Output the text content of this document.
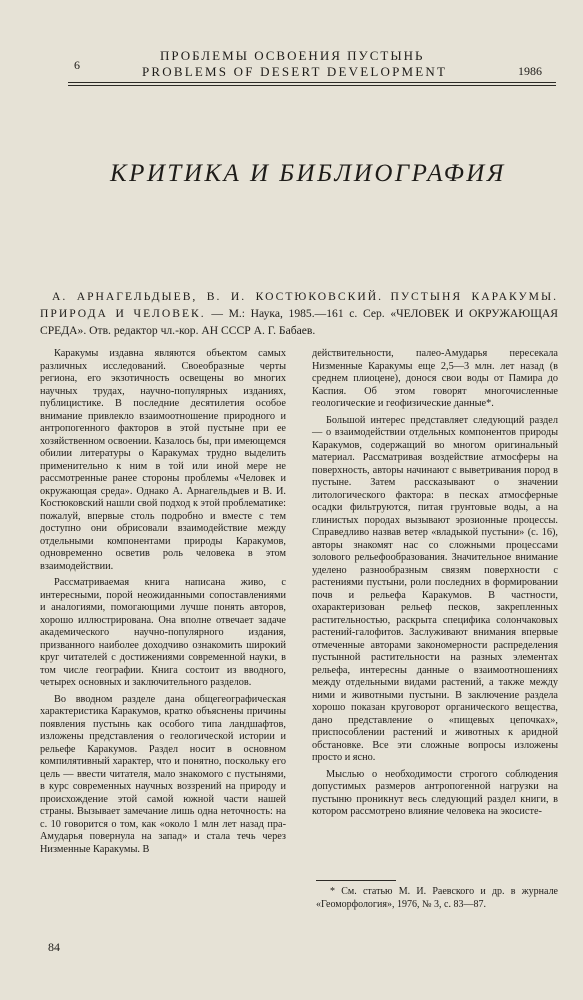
6
ПРОБЛЕМЫ ОСВОЕНИЯ ПУСТЫНЬ
PROBLEMS OF DESERT DEVELOPMENT	1986
КРИТИКА И БИБЛИОГРАФИЯ
А. АРНАГЕЛЬДЫЕВ, В. И. КОСТЮКОВСКИЙ. ПУСТЫНЯ КАРАКУМЫ. ПРИРОДА И ЧЕЛОВЕК. — М.: Наука, 1985.—161 с. Сер. «ЧЕЛОВЕК И ОКРУЖАЮЩАЯ СРЕДА». Отв. редактор чл.-кор. АН СССР А. Г. Бабаев.

Каракумы издавна являются объектом самых различных исследований. Своеобразные черты региона, его экзотичность освещены во многих научных трудах, научно-популярных изданиях, публицистике. В последние десятилетия особое внимание привлекло взаимоотношение природного и антропогенного факторов в этой пустыне при ее хозяйственном освоении. Казалось бы, при имеющемся обилии литературы о Каракумах трудно выделить применительно к ним в той или иной мере не рассмотренные ранее стороны проблемы «Человек и окружающая среда». Однако А. Арнагельдыев и В. И. Костюковский нашли свой подход к этой проблематике: пожалуй, впервые столь подробно и вместе с тем доступно они обрисовали взаимодействие между отдельными компонентами природы Каракумов, одновременно осветив роль человека в этом взаимодействии.

Рассматриваемая книга написана живо, с интересными, порой неожиданными сопоставлениями и аналогиями, помогающими лучше понять авторов, хорошо иллюстрирована. Она вполне отвечает задаче академического научно-популярного издания, призванного наиболее доходчиво ознакомить широкий круг читателей с достижениями современной науки, в том числе географии. Книга состоит из вводного, четырех основных и заключительного разделов.

Во вводном разделе дана общегеографическая характеристика Каракумов, кратко объяснены причины появления пустынь как особого типа ландшафтов, изложены представления о геологической истории и рельефе Каракумов. Раздел носит в основном компилятивный характер, что и понятно, поскольку его цель — ввести читателя, мало знакомого с пустынями, в курс современных научных воззрений на природу и происхождение этой самой южной части нашей страны. Вызывает замечание лишь одна неточность: на с. 10 говорится о том, как «около 1 млн лет назад пра-Амударья повернула на запад» и стала течь через Низменные Каракумы. В

действительности, палео-Амударья пересекала Низменные Каракумы еще 2,5—3 млн. лет назад (в среднем плиоцене), донося свои воды от Памира до Каспия. Об этом говорят многочисленные геологические и геофизические данные*.

Большой интерес представляет следующий раздел — о взаимодействии отдельных компонентов природы Каракумов, содержащий во многом оригинальный материал. Рассматривая воздействие атмосферы на поверхность, авторы начинают с выветривания пород в пустыне. Затем рассказывают о значении литологического фактора: в песках атмосферные осадки фильтруются, питая грунтовые воды, а на глинистых породах вызывают эрозионные процессы. Справедливо назвав ветер «владыкой пустыни» (с. 16), авторы знакомят нас со сложными процессами золового рельефообразования. Значительное внимание уделено разнообразным связям поверхности с растениями пустыни, роли последних в формировании почв и рельефа Каракумов. В частности, охарактеризован рельеф песков, закрепленных растительностью, раскрыта специфика солончаковых растений-галофитов. Заслуживают внимания впервые отмеченные авторами закономерности распределения пустынной растительности на разных элементах рельефа, интересны данные о взаимоотношениях между отдельными видами растений, а также между ними и животными пустыни. В заключение раздела хорошо показан круговорот органического вещества, дано представление о «пищевых цепочках», приспособлении растений и животных к аридной обстановке. Все эти сложные вопросы изложены просто и ясно.

Мыслью о необходимости строгого соблюдения допустимых размеров антропогенной нагрузки на пустыню проникнут весь следующий раздел книги, в котором рассмотрено влияние человека на экосисте-

* См. статью М. И. Раевского и др. в журнале «Геоморфология», 1976, № 3, с. 83—87.
84
